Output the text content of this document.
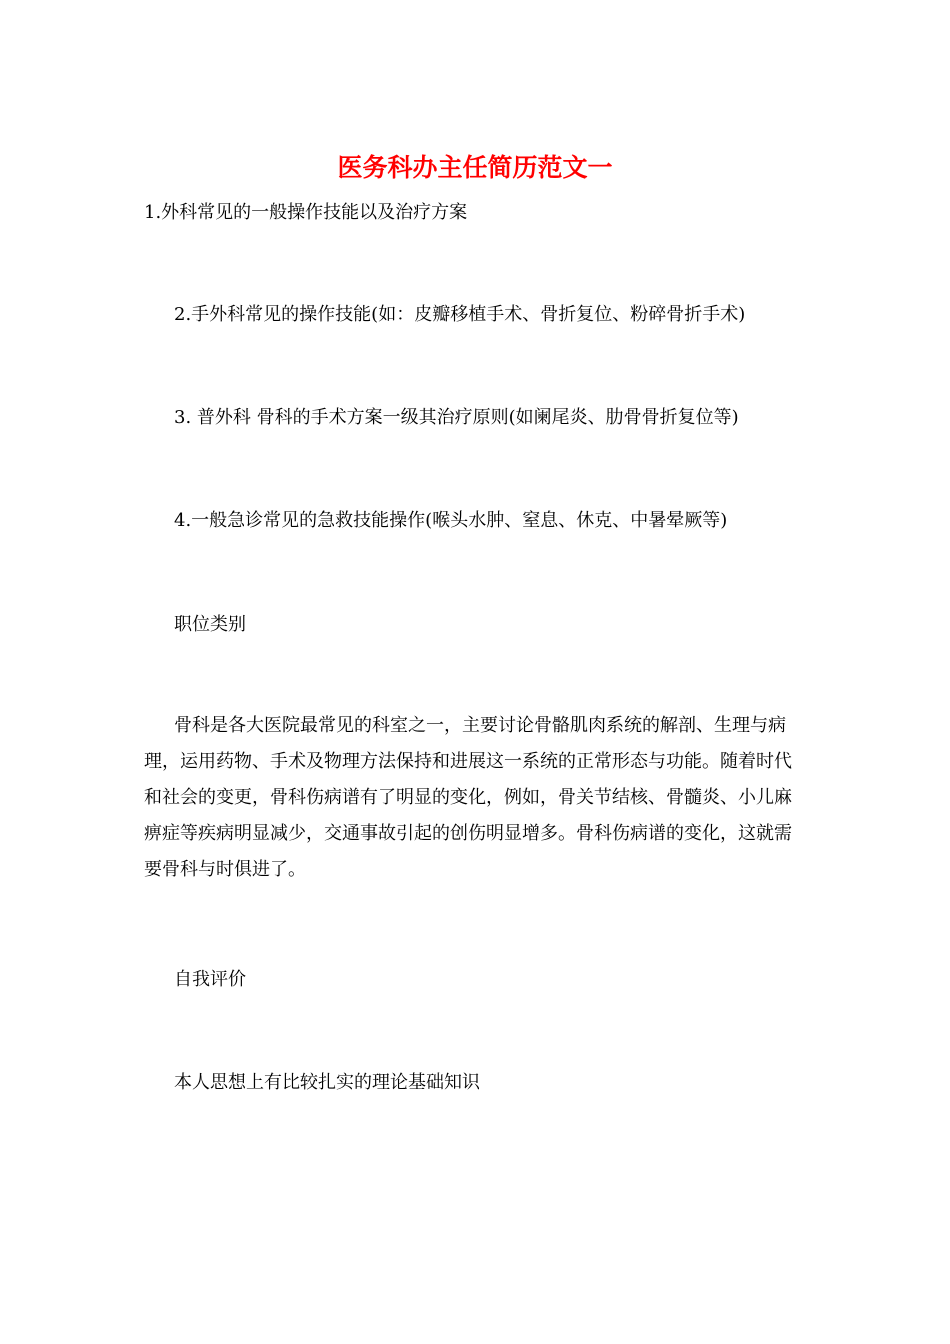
医务科办主任简历范文一
1.外科常见的一般操作技能以及治疗方案
2.手外科常见的操作技能(如：皮瓣移植手术、骨折复位、粉碎骨折手术)
3. 普外科 骨科的手术方案一级其治疗原则(如阑尾炎、肋骨骨折复位等)
4.一般急诊常见的急救技能操作(喉头水肿、窒息、休克、中暑晕厥等)
职位类别
骨科是各大医院最常见的科室之一，主要讨论骨骼肌肉系统的解剖、生理与病理，运用药物、手术及物理方法保持和进展这一系统的正常形态与功能。随着时代和社会的变更，骨科伤病谱有了明显的变化，例如，骨关节结核、骨髓炎、小儿麻痹症等疾病明显减少，交通事故引起的创伤明显增多。骨科伤病谱的变化，这就需要骨科与时俱进了。
自我评价
本人思想上有比较扎实的理论基础知识
